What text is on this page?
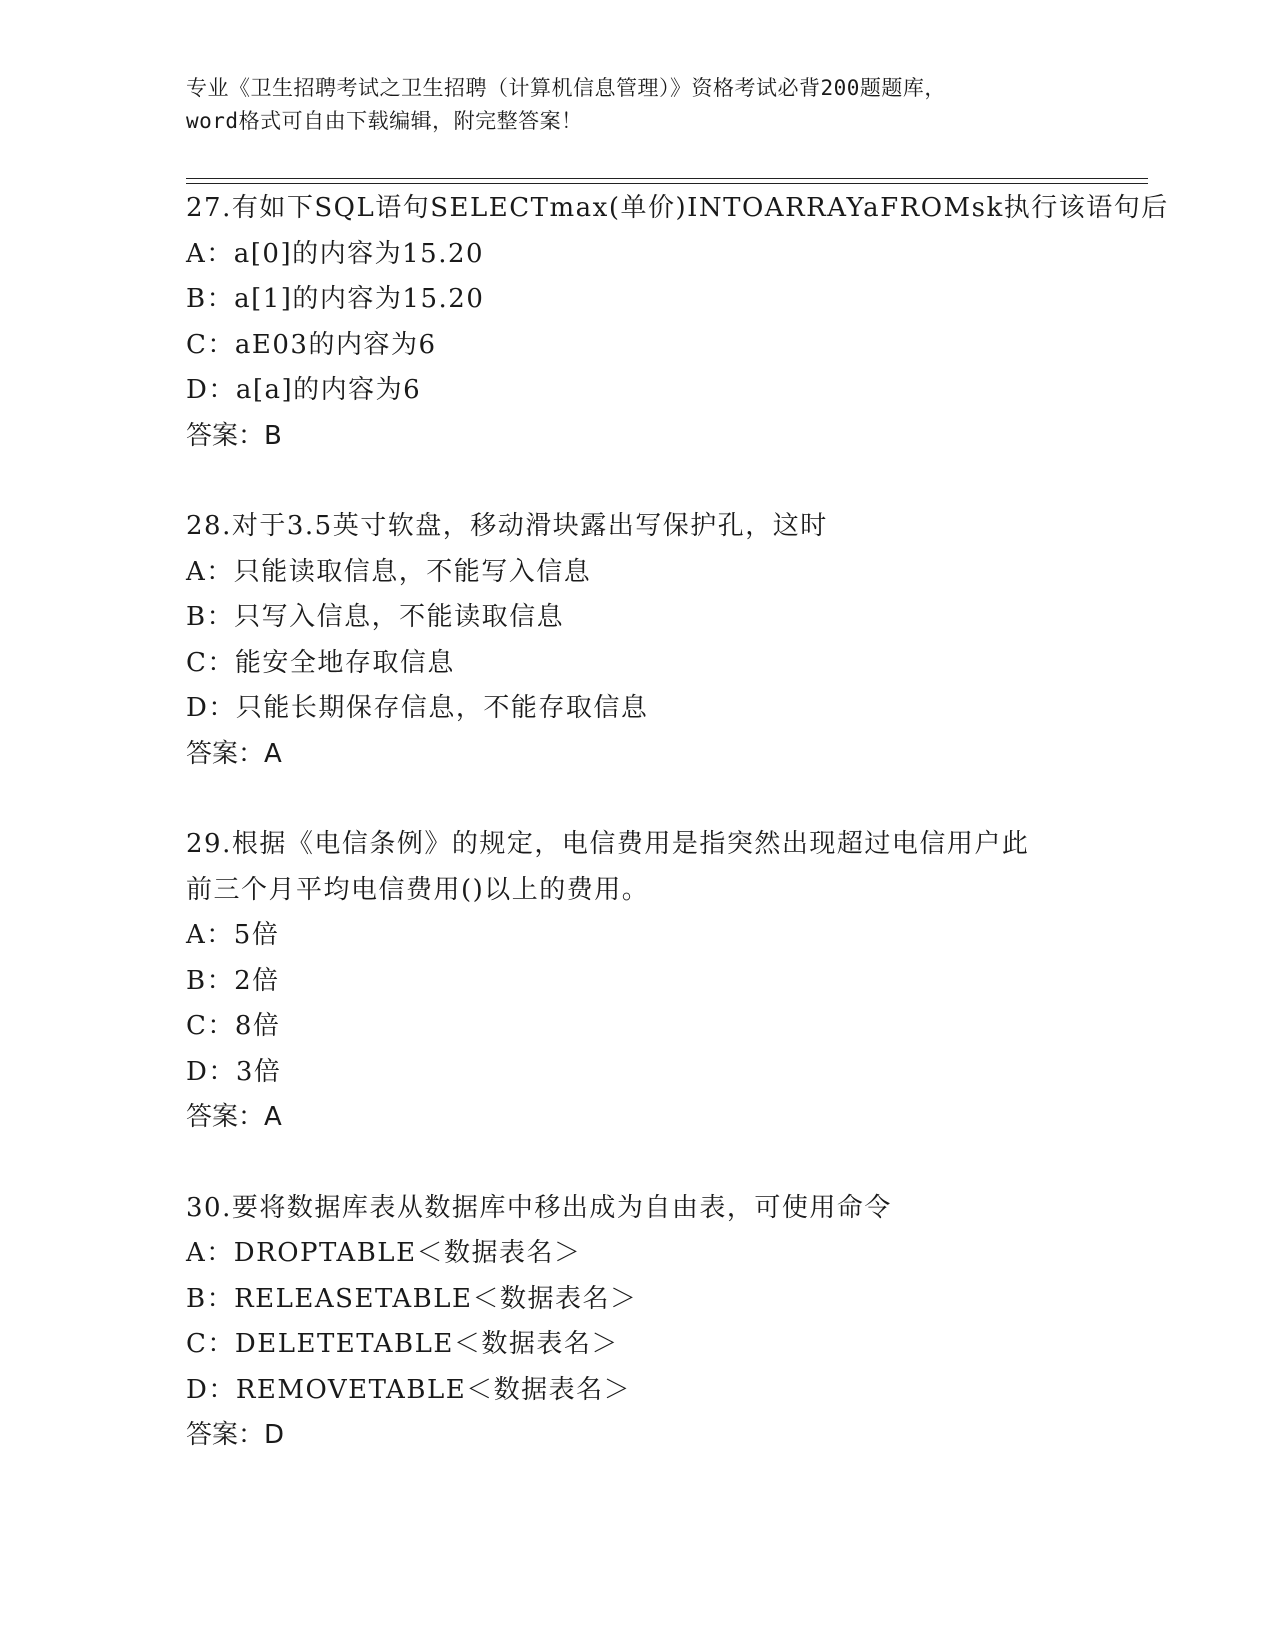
专业《卫生招聘考试之卫生招聘（计算机信息管理）》资格考试必背200题题库，
word格式可自由下载编辑，附完整答案！
27.有如下SQL语句SELECTmax(单价)INTOARRAYaFROMsk执行该语句后
A：a[0]的内容为15.20
B：a[1]的内容为15.20
C：aE03的内容为6
D：a[a]的内容为6
答案：B
28.对于3.5英寸软盘，移动滑块露出写保护孔，这时
A：只能读取信息，不能写入信息
B：只写入信息，不能读取信息
C：能安全地存取信息
D：只能长期保存信息，不能存取信息
答案：A
29.根据《电信条例》的规定，电信费用是指突然出现超过电信用户此
前三个月平均电信费用()以上的费用。
A：5倍
B：2倍
C：8倍
D：3倍
答案：A
30.要将数据库表从数据库中移出成为自由表，可使用命令
A：DROPTABLE＜数据表名＞
B：RELEASETABLE＜数据表名＞
C：DELETETABLE＜数据表名＞
D：REMOVETABLE＜数据表名＞
答案：D
